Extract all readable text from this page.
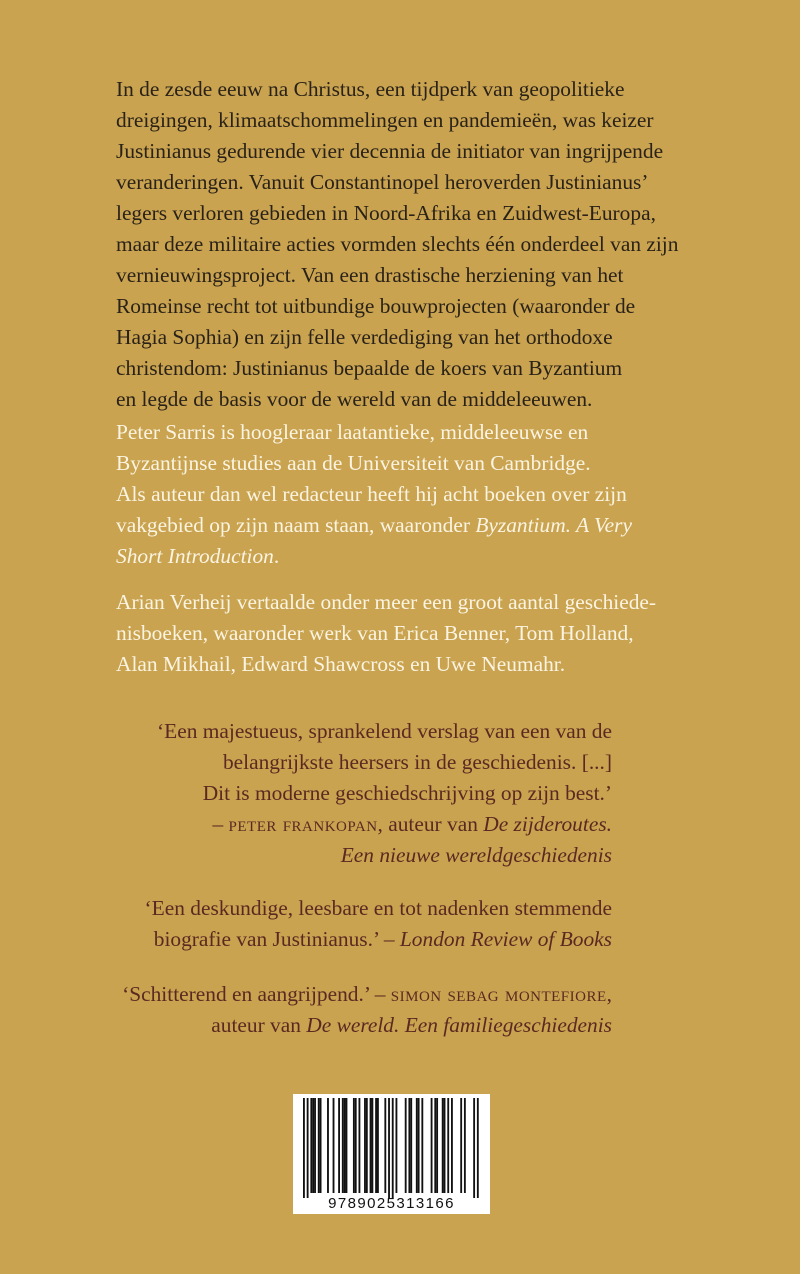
In de zesde eeuw na Christus, een tijdperk van geopolitieke

dreigingen, klimaatschommelingen en pandemieën, was keizer

Justinianus gedurende vier decennia de initiator van ingrijpende

veranderingen. Vanuit Constantinopel heroverden Justinianus’

legers verloren gebieden in Noord-Afrika en Zuidwest-Europa,

maar deze militaire acties vormden slechts één onderdeel van zijn

vernieuwingsproject. Van een drastische herziening van het

Romeinse recht tot uitbundige bouwprojecten (waaronder de

Hagia Sophia) en zijn felle verdediging van het orthodoxe

christendom: Justinianus bepaalde de koers van Byzantium

en legde de basis voor de wereld van de middeleeuwen.

Peter Sarris is hoogleraar laatantieke, middeleeuwse en

Byzantijnse studies aan de Universiteit van Cambridge.

Als auteur dan wel redacteur heeft hij acht boeken over zijn

vakgebied op zijn naam staan, waaronder Byzantium. A Very

Short Introduction.

Arian Verheij vertaalde onder meer een groot aantal geschiede-

nisboeken, waaronder werk van Erica Benner, Tom Holland,

Alan Mikhail, Edward Shawcross en Uwe Neumahr.

‘Een majestueus, sprankelend verslag van een van de
belangrijkste heersers in de geschiedenis. [...]
Dit is moderne geschiedschrijving op zijn best.’
– peter frankopan, auteur van De zijderoutes.
Een nieuwe wereldgeschiedenis
‘Een deskundige, leesbare en tot nadenken stemmende
biografie van Justinianus.’ – London Review of Books
‘Schitterend en aangrijpend.’ – simon sebag montefiore,
auteur van De wereld. Een familiegeschiedenis
9789025313166
